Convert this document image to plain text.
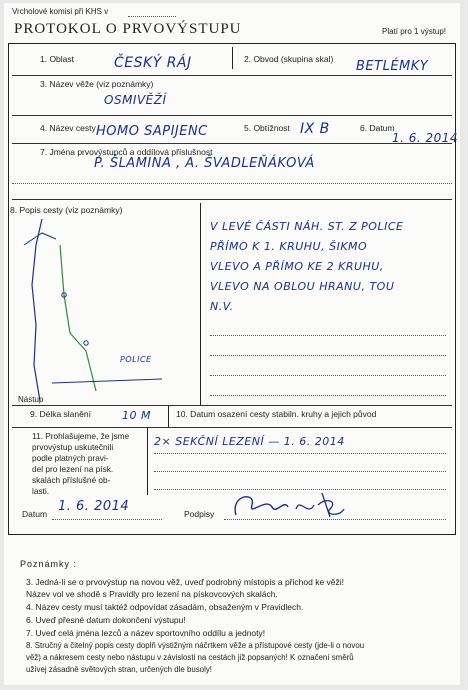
Vrcholové komisi při KHS v
PROTOKOL O PRVOVÝSTUPU	Platí pro 1 výstup!
1. Oblast	ČESKÝ RÁJ	2. Obvod (skupina skal) BETLÉMKY
3. Název věže (viz poznámky)
OSMIVĚŽÍ
4. Název cesty HOMO SAPIJENC	5. Obtížnost IX B	6. Datum
1. 6. 2014
7. Jména prvovýstupců a oddílová příslušnost
P. ŠLAMINA , A. ŠVADLEŇÁKOVÁ
8. Popis cesty (viz poznámky)
POLICE
V LEVÉ ČÁSTI NÁH. ST. Z POLICE
PŘÍMO K 1. KRUHU, ŠIKMO
VLEVO A PŘÍMO KE 2 KRUHU,
VLEVO NA OBLOU HRANU, TOU
N.V.
Nástup
9. Délka slanění	10 M	10. Datum osazení cesty stabiln. kruhy a jejich původ
2× SEKČNÍ LEZENÍ — 1. 6. 2014
11. Prohlašujeme, že jsme
prvovýstup uskutečnili
podle platných pravi-
del pro lezení na písk.
skalách příslušné ob-
lasti.
Datum 1. 6. 2014	Podpisy
Poznámky :
3. Jedná-li se o prvovýstup na novou věž, uveď podrobný místopis a přichod ke věži!
Název vol ve shodě s Pravidly pro lezení na pískovcových skalách.
4. Název cesty musí taktéž odpovídat zásadám, obsaženým v Pravidlech.
6. Uveď přesné datum dokončení výstupu!
7. Uveď celá jména lezců a název sportovního oddílu a jednoty!
8. Stručný a čitelný popis cesty doplň výstižným náčrtkem věže a přístupové cesty (jde-li o novou
věž) a nákresem cesty nebo nástupu v závislosti na cestách již popsaných! K označení směrů
užívej zásadně světových stran, určených dle busoly!
